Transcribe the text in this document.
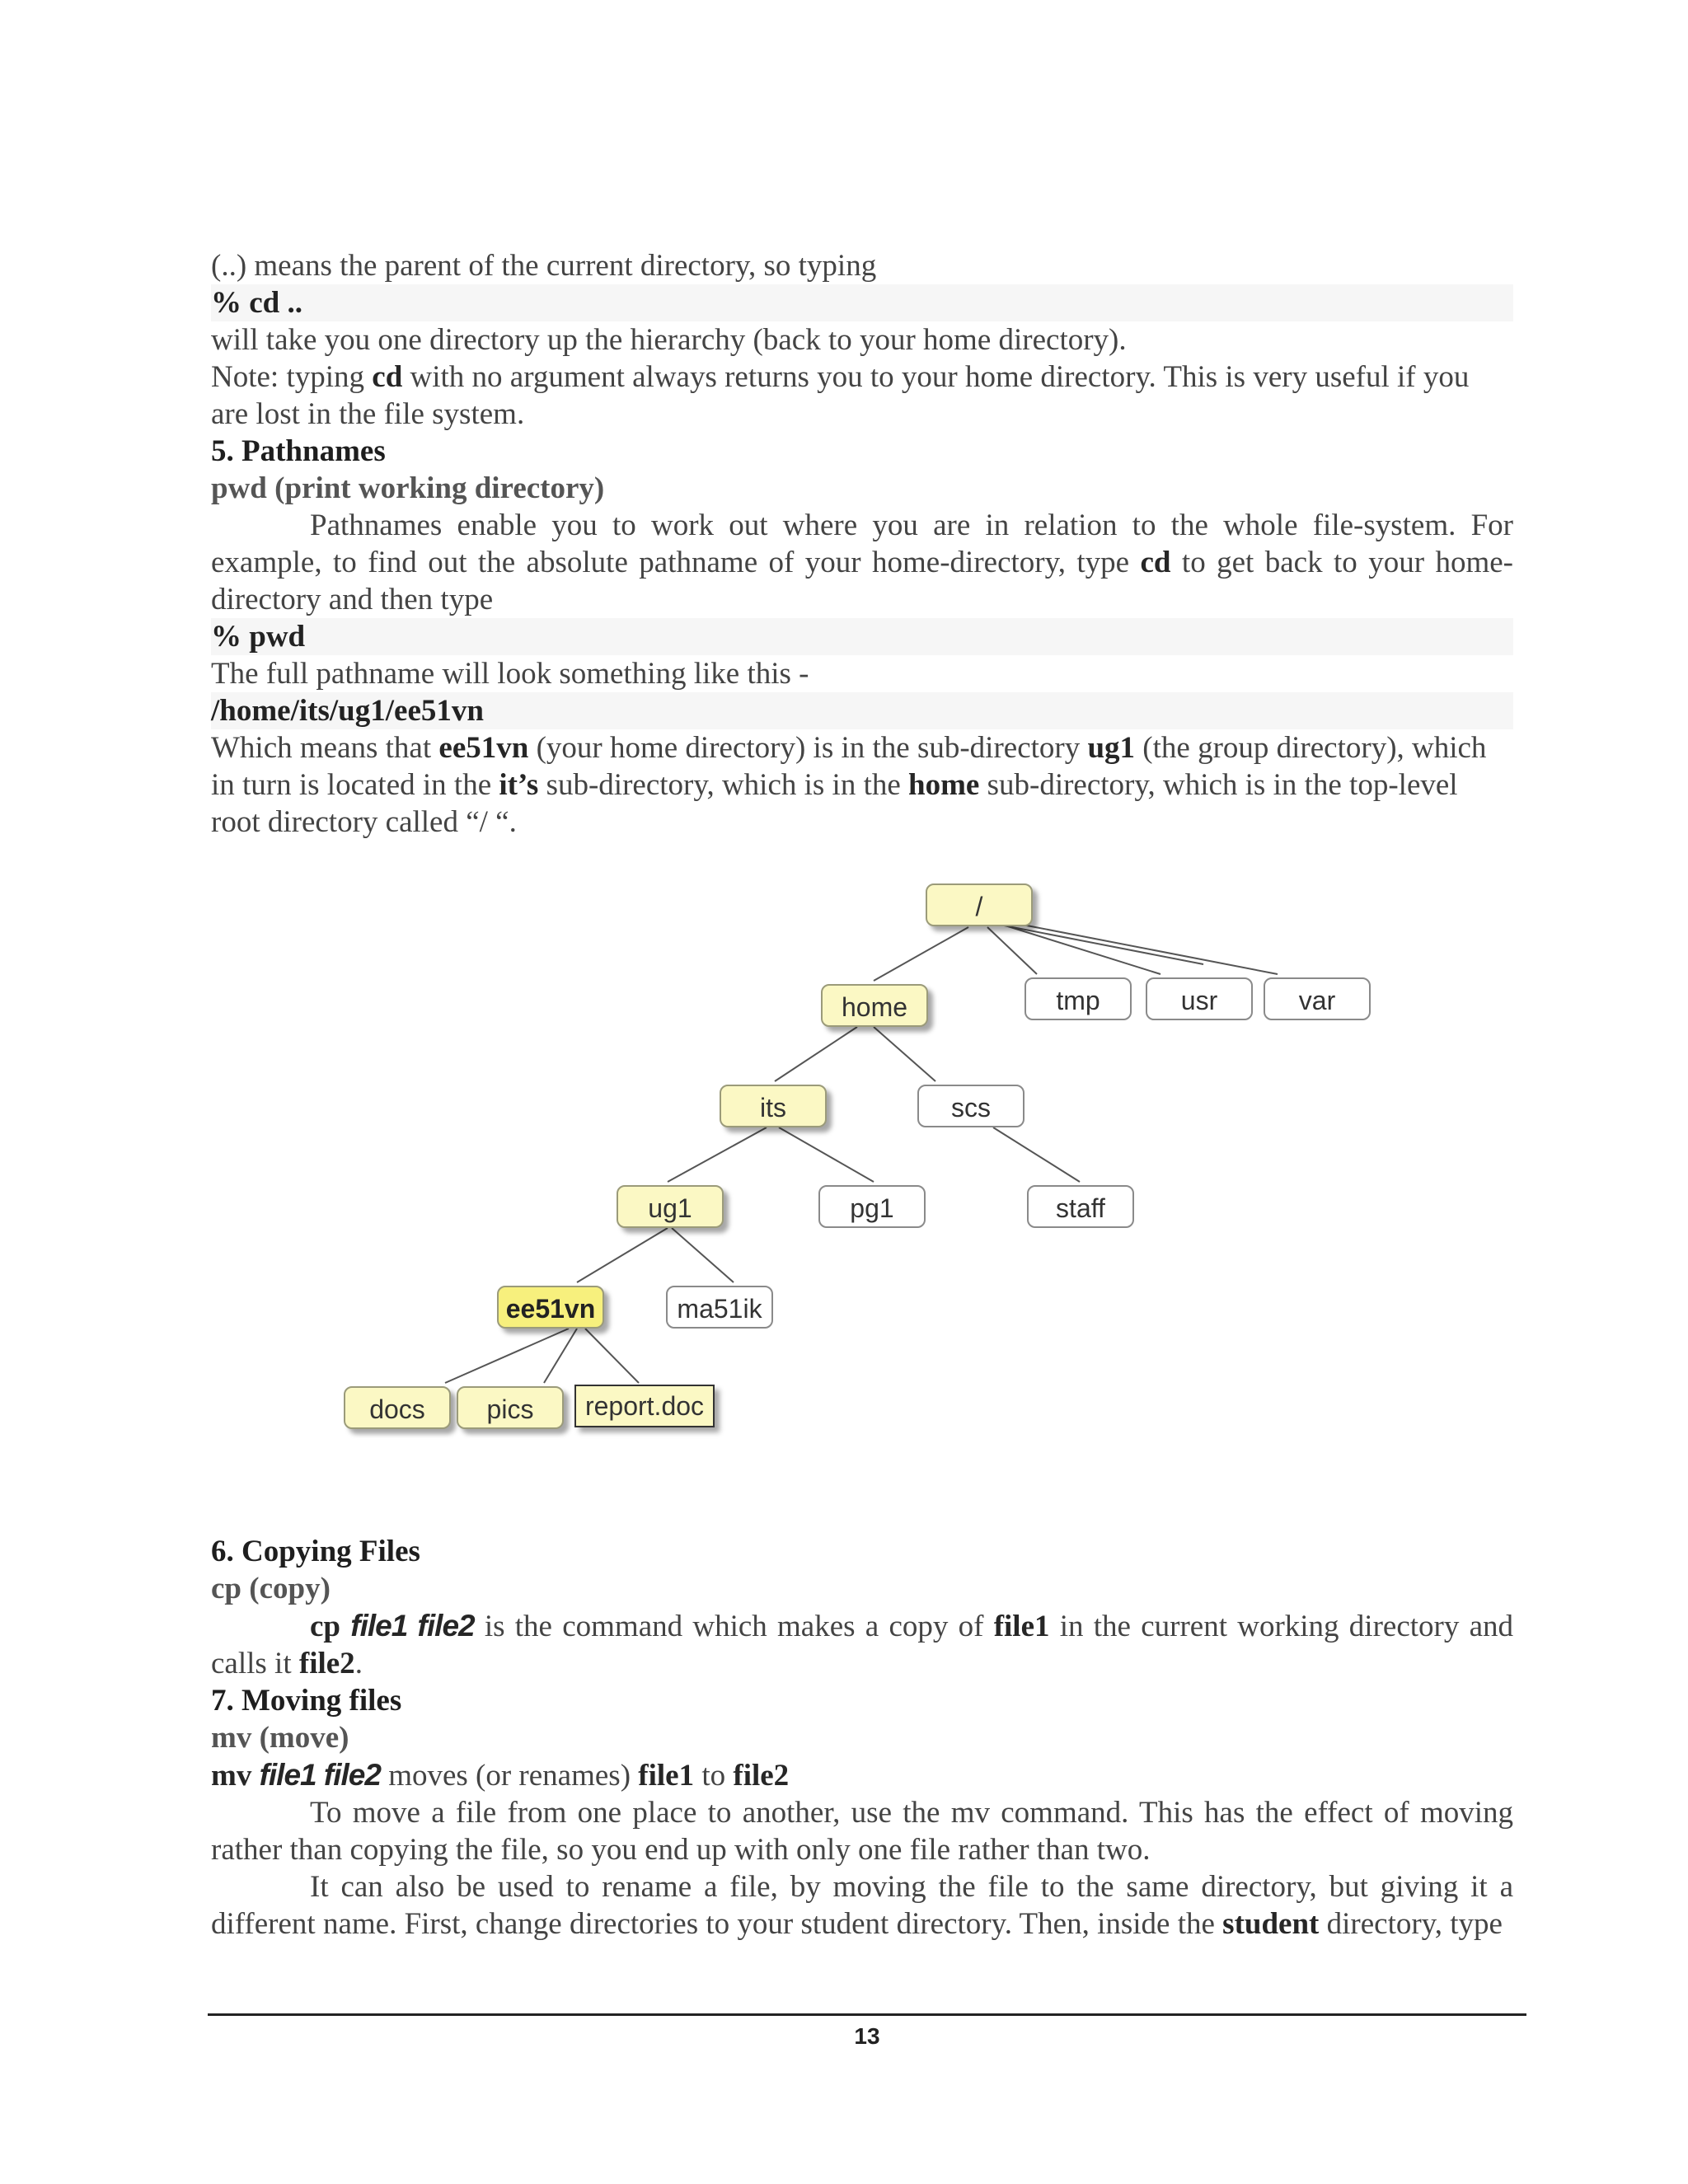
(..) means the parent of the current directory, so typing

% cd ..

will take you one directory up the hierarchy (back to your home directory).

Note: typing cd with no argument always returns you to your home directory. This is very useful if you are lost in the file system.

5. Pathnames

pwd (print working directory)

Pathnames enable you to work out where you are in relation to the whole file-system. For example, to find out the absolute pathname of your home-directory, type cd to get back to your home-directory and then type

% pwd

The full pathname will look something like this -

/home/its/ug1/ee51vn

Which means that ee51vn (your home directory) is in the sub-directory ug1 (the group directory), which in turn is located in the it’s sub-directory, which is in the home sub-directory, which is in the top-level root directory called “/ “.

/
home	tmp	usr	var
its	scs
ug1	pg1	staff
ee51vn	ma51ik
docs	pics	report.doc

6. Copying Files

cp (copy)

cp file1 file2 is the command which makes a copy of file1 in the current working directory and calls it file2.

7. Moving files

mv (move)

mv file1 file2 moves (or renames) file1 to file2

To move a file from one place to another, use the mv command. This has the effect of moving rather than copying the file, so you end up with only one file rather than two.

It can also be used to rename a file, by moving the file to the same directory, but giving it a different name. First, change directories to your student directory. Then, inside the student directory, type

13
